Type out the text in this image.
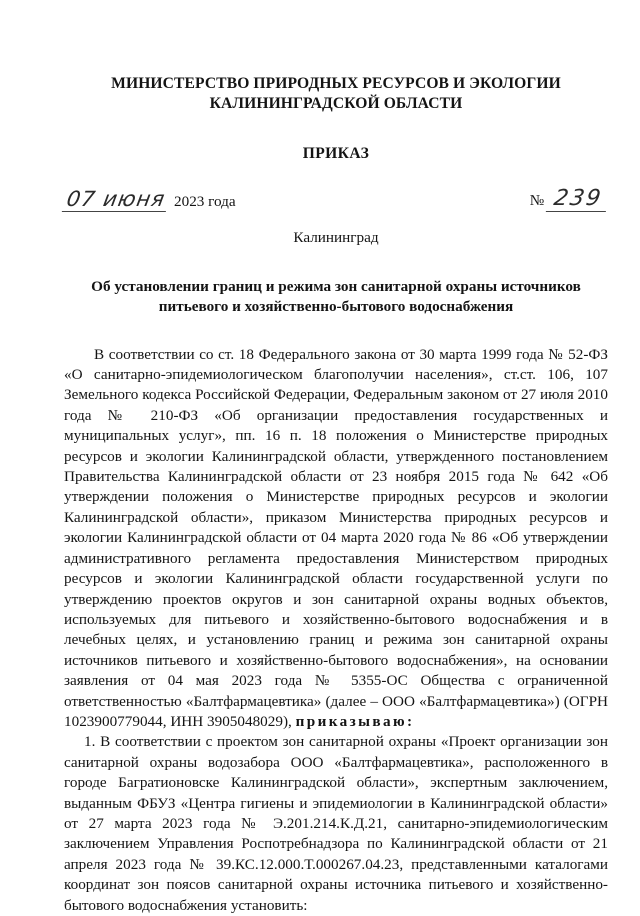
МИНИСТЕРСТВО ПРИРОДНЫХ РЕСУРСОВ И ЭКОЛОГИИ
КАЛИНИНГРАДСКОЙ ОБЛАСТИ
ПРИКАЗ
07 июня 2023 года	№ 239
Калининград
Об установлении границ и режима зон санитарной охраны источников питьевого и хозяйственно-бытового водоснабжения

В соответствии со ст. 18 Федерального закона от 30 марта 1999 года № 52-ФЗ «О санитарно-эпидемиологическом благополучии населения», ст.ст. 106, 107 Земельного кодекса Российской Федерации, Федеральным законом от 27 июля 2010 года № 210-ФЗ «Об организации предоставления государственных и муниципальных услуг», пп. 16 п. 18 положения о Министерстве природных ресурсов и экологии Калининградской области, утвержденного постановлением Правительства Калининградской области от 23 ноября 2015 года № 642 «Об утверждении положения о Министерстве природных ресурсов и экологии Калининградской области», приказом Министерства природных ресурсов и экологии Калининградской области от 04 марта 2020 года № 86 «Об утверждении административного регламента предоставления Министерством природных ресурсов и экологии Калининградской области государственной услуги по утверждению проектов округов и зон санитарной охраны водных объектов, используемых для питьевого и хозяйственно-бытового водоснабжения и в лечебных целях, и установлению границ и режима зон санитарной охраны источников питьевого и хозяйственно-бытового водоснабжения», на основании заявления от 04 мая 2023 года № 5355-ОС Общества с ограниченной ответственностью «Балтфармацевтика» (далее – ООО «Балтфармацевтика») (ОГРН 1023900779044, ИНН 3905048029), приказываю:

1. В соответствии с проектом зон санитарной охраны «Проект организации зон санитарной охраны водозабора ООО «Балтфармацевтика», расположенного в городе Багратионовске Калининградской области», экспертным заключением, выданным ФБУЗ «Центра гигиены и эпидемиологии в Калининградской области» от 27 марта 2023 года № Э.201.214.К.Д.21, санитарно-эпидемиологическим заключением Управления Роспотребнадзора по Калининградской области от 21 апреля 2023 года № 39.КС.12.000.Т.000267.04.23, представленными каталогами координат зон поясов санитарной охраны источника питьевого и хозяйственно-бытового водоснабжения установить:
